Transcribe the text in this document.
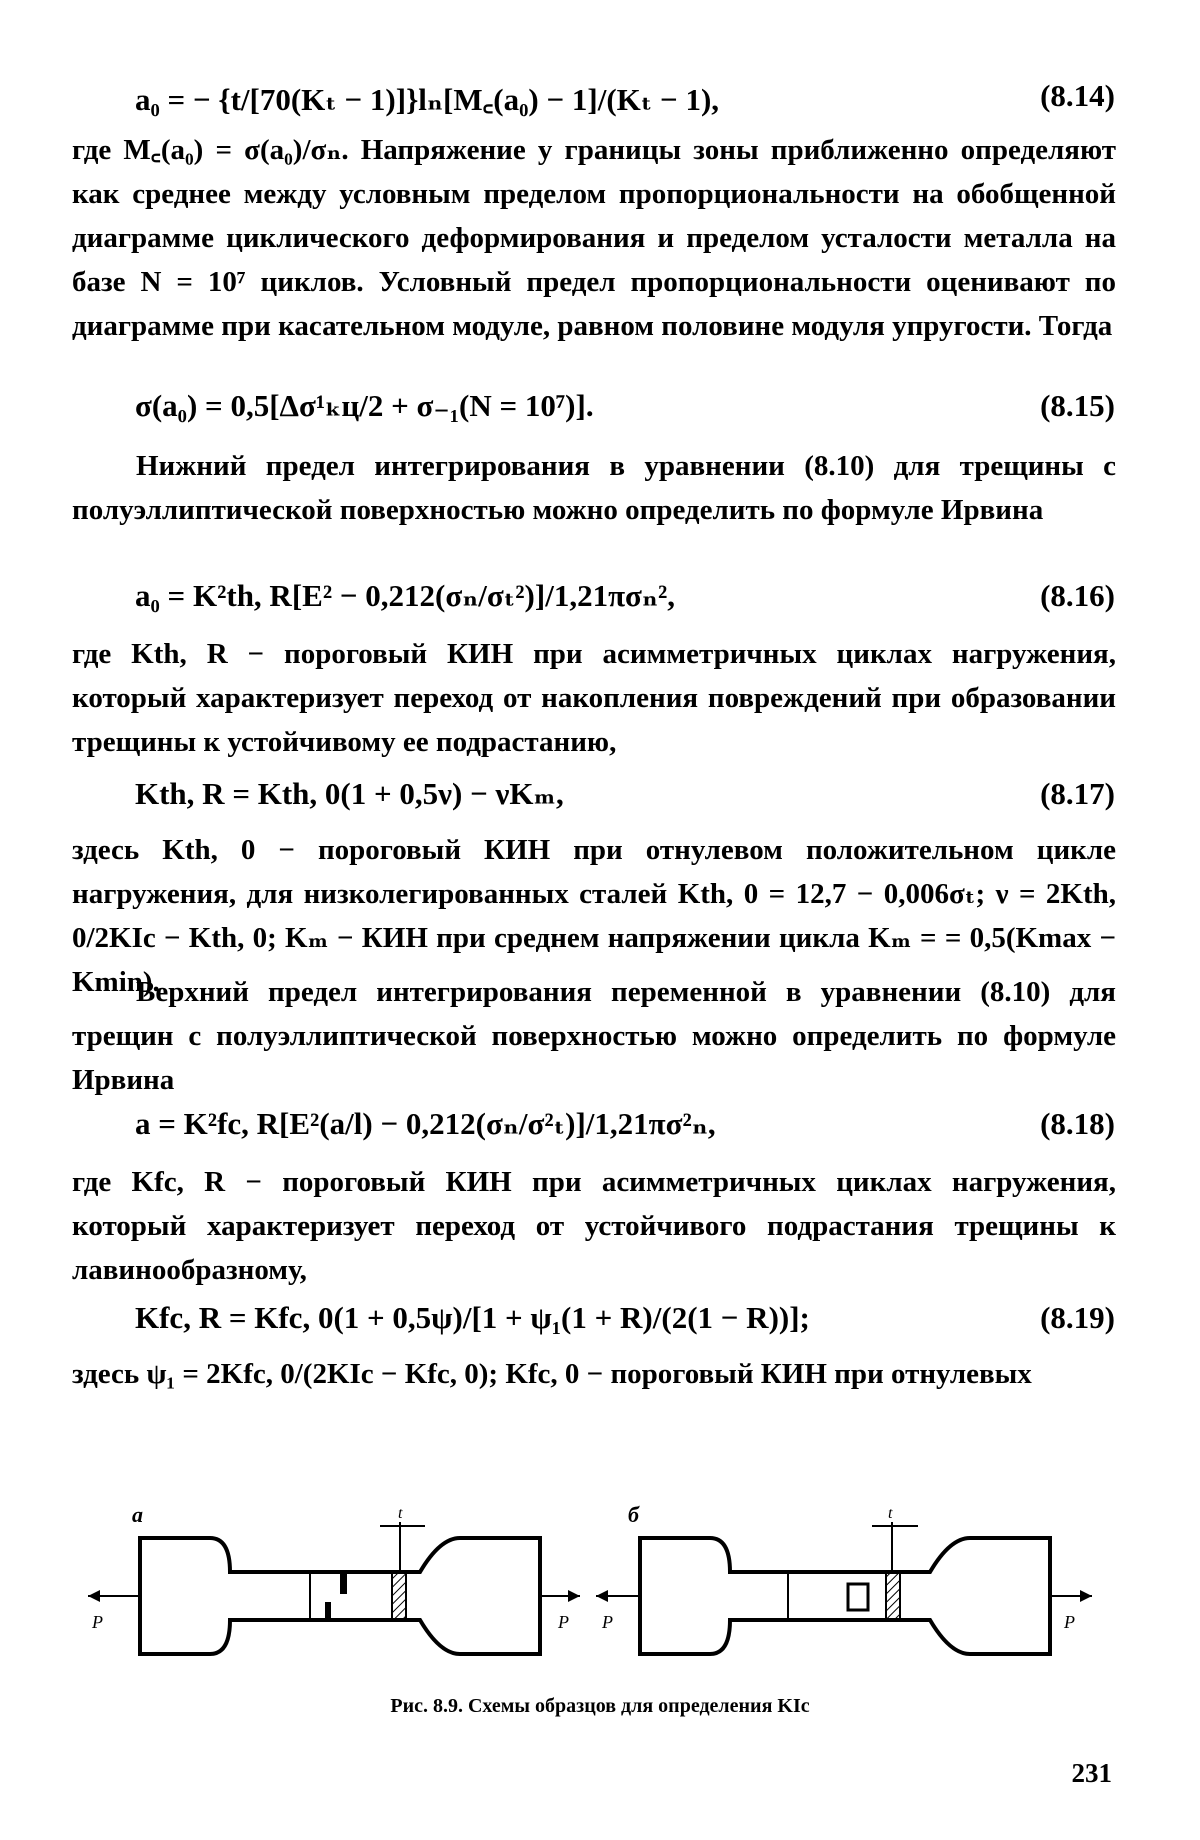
a₀ = − {t/[70(Kₜ − 1)]}lₙ[M꜀(a₀) − 1]/(Kₜ − 1),	(8.14)
где M꜀(a₀) = σ(a₀)/σₙ. Напряжение у границы зоны приближенно определяют как среднее между условным пределом пропорциональности на обобщенной диаграмме циклического деформирования и пределом усталости металла на базе N = 10⁷ циклов. Условный предел пропорциональности оценивают по диаграмме при касательном модуле, равном половине модуля упругости. Тогда
σ(a₀) = 0,5[Δσ¹ₖц/2 + σ₋₁(N = 10⁷)].	(8.15)
Нижний предел интегрирования в уравнении (8.10) для трещины с полуэллиптической поверхностью можно определить по формуле Ирвина
a₀ = K²th, R[E² − 0,212(σₙ/σₜ²)]/1,21πσₙ²,	(8.16)
где Kth, R − пороговый КИН при асимметричных циклах нагружения, который характеризует переход от накопления повреждений при образовании трещины к устойчивому ее подрастанию,
Kth, R = Kth, 0(1 + 0,5ν) − νKₘ,	(8.17)
здесь Kth, 0 − пороговый КИН при отнулевом положительном цикле нагружения, для низколегированных сталей Kth, 0 = 12,7 − 0,006σₜ; ν = 2Kth, 0/2KIc − Kth, 0; Kₘ − КИН при среднем напряжении цикла Kₘ = = 0,5(Kmax − Kmin).
Верхний предел интегрирования переменной в уравнении (8.10) для трещин с полуэллиптической поверхностью можно определить по формуле Ирвина
a = K²fc, R[E²(a/l) − 0,212(σₙ/σ²ₜ)]/1,21πσ²ₙ,	(8.18)
где Kfc, R − пороговый КИН при асимметричных циклах нагружения, который характеризует переход от устойчивого подрастания трещины к лавинообразному,
Kfc, R = Kfc, 0(1 + 0,5ψ)/[1 + ψ₁(1 + R)/(2(1 − R))];	(8.19)
здесь ψ₁ = 2Kfc, 0/(2KIc − Kfc, 0); Kfc, 0 − пороговый КИН при отнулевых
а	б
P	P
t
P	P
t
Рис. 8.9. Схемы образцов для определения KIc
231
